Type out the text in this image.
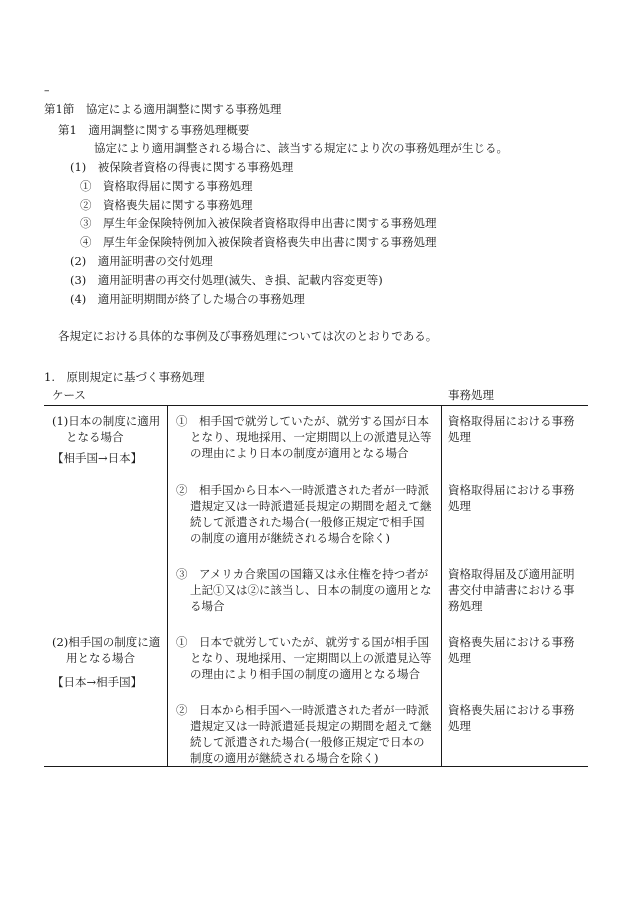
–
第1節　協定による適用調整に関する事務処理
第1　適用調整に関する事務処理概要
協定により適用調整される場合に、該当する規定により次の事務処理が生じる。
(1)　被保険者資格の得喪に関する事務処理
①　資格取得届に関する事務処理
②　資格喪失届に関する事務処理
③　厚生年金保険特例加入被保険者資格取得申出書に関する事務処理
④　厚生年金保険特例加入被保険者資格喪失申出書に関する事務処理
(2)　適用証明書の交付処理
(3)　適用証明書の再交付処理(滅失、き損、記載内容変更等)
(4)　適用証明期間が終了した場合の事務処理
各規定における具体的な事例及び事務処理については次のとおりである。
1.　原則規定に基づく事務処理
ケース	事務処理
(1)日本の制度に適用
となる場合
【相手国→日本】
①　相手国で就労していたが、就労する国が日本
となり、現地採用、一定期間以上の派遣見込等
の理由により日本の制度が適用となる場合
資格取得届における事務
処理
②　相手国から日本へ一時派遣された者が一時派
遣規定又は一時派遣延長規定の期間を超えて継
続して派遣された場合(一般修正規定で相手国
の制度の適用が継続される場合を除く)
資格取得届における事務
処理
③　アメリカ合衆国の国籍又は永住権を持つ者が
上記①又は②に該当し、日本の制度の適用とな
る場合
資格取得届及び適用証明
書交付申請書における事
務処理
(2)相手国の制度に適
用となる場合
【日本→相手国】
①　日本で就労していたが、就労する国が相手国
となり、現地採用、一定期間以上の派遣見込等
の理由により相手国の制度の適用となる場合
資格喪失届における事務
処理
②　日本から相手国へ一時派遣された者が一時派
遣規定又は一時派遣延長規定の期間を超えて継
続して派遣された場合(一般修正規定で日本の
制度の適用が継続される場合を除く)
資格喪失届における事務
処理
